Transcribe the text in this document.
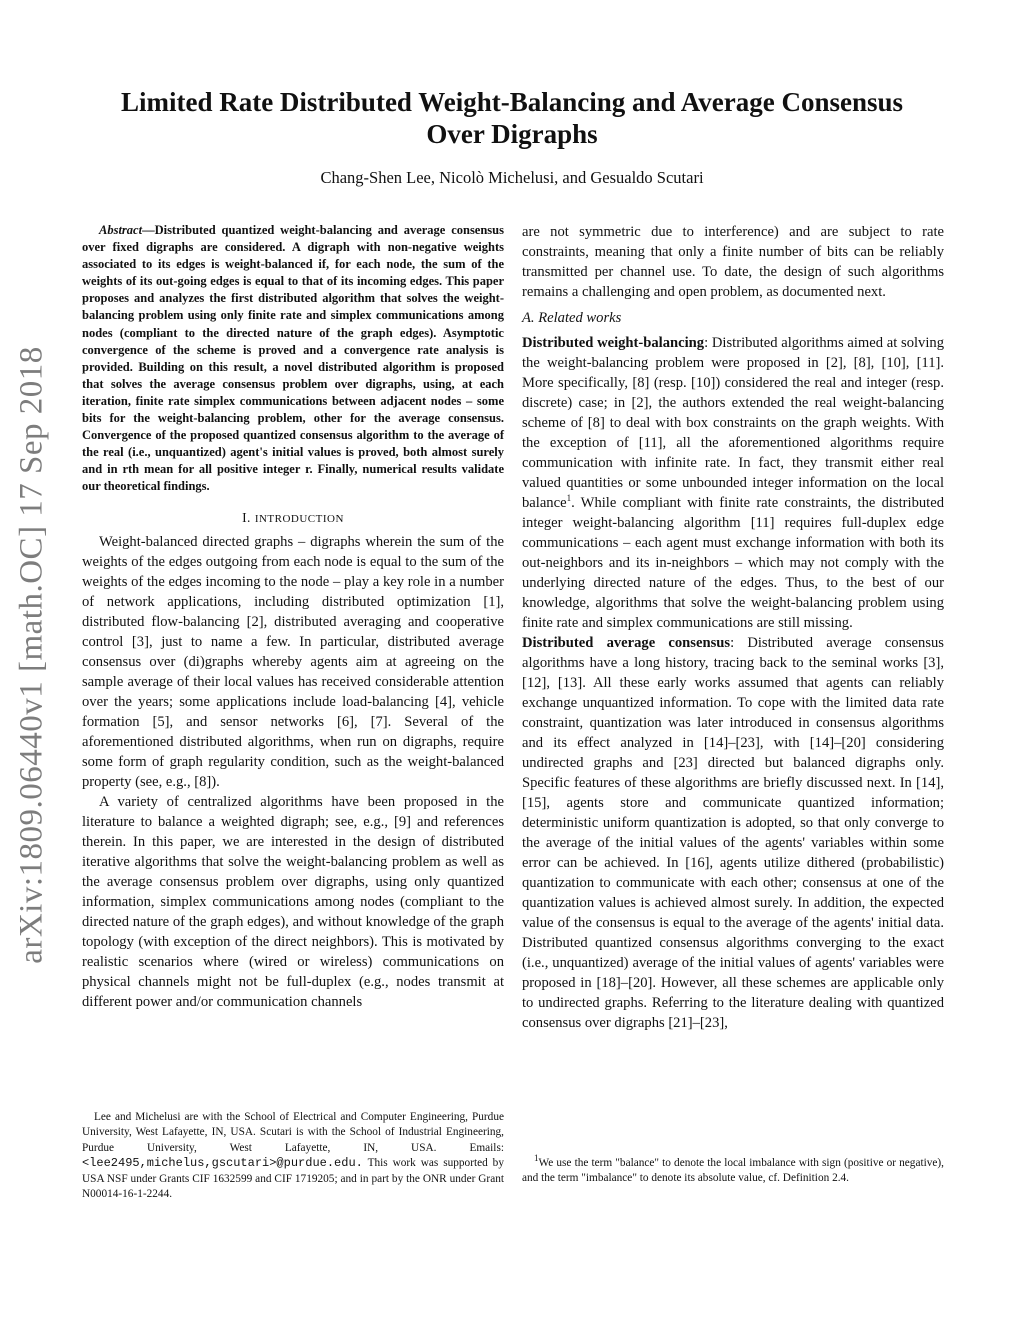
arXiv:1809.06440v1 [math.OC] 17 Sep 2018
Limited Rate Distributed Weight-Balancing and Average Consensus
Over Digraphs
Chang-Shen Lee, Nicolò Michelusi, and Gesualdo Scutari

Abstract—Distributed quantized weight-balancing and average consensus over fixed digraphs are considered. A digraph with non-negative weights associated to its edges is weight-balanced if, for each node, the sum of the weights of its out-going edges is equal to that of its incoming edges. This paper proposes and analyzes the first distributed algorithm that solves the weight-balancing problem using only finite rate and simplex communications among nodes (compliant to the directed nature of the graph edges). Asymptotic convergence of the scheme is proved and a convergence rate analysis is provided. Building on this result, a novel distributed algorithm is proposed that solves the average consensus problem over digraphs, using, at each iteration, finite rate simplex communications between adjacent nodes – some bits for the weight-balancing problem, other for the average consensus. Convergence of the proposed quantized consensus algorithm to the average of the real (i.e., unquantized) agent's initial values is proved, both almost surely and in rth mean for all positive integer r. Finally, numerical results validate our theoretical findings.

I. INTRODUCTION

Weight-balanced directed graphs – digraphs wherein the sum of the weights of the edges outgoing from each node is equal to the sum of the weights of the edges incoming to the node – play a key role in a number of network applications, including distributed optimization [1], distributed flow-balancing [2], distributed averaging and cooperative control [3], just to name a few. In particular, distributed average consensus over (di)graphs whereby agents aim at agreeing on the sample average of their local values has received considerable attention over the years; some applications include load-balancing [4], vehicle formation [5], and sensor networks [6], [7]. Several of the aforementioned distributed algorithms, when run on digraphs, require some form of graph regularity condition, such as the weight-balanced property (see, e.g., [8]).

A variety of centralized algorithms have been proposed in the literature to balance a weighted digraph; see, e.g., [9] and references therein. In this paper, we are interested in the design of distributed iterative algorithms that solve the weight-balancing problem as well as the average consensus problem over digraphs, using only quantized information, simplex communications among nodes (compliant to the directed nature of the graph edges), and without knowledge of the graph topology (with exception of the direct neighbors). This is motivated by realistic scenarios where (wired or wireless) communications on physical channels might not be full-duplex (e.g., nodes transmit at different power and/or communication channels

Lee and Michelusi are with the School of Electrical and Computer Engineering, Purdue University, West Lafayette, IN, USA. Scutari is with the School of Industrial Engineering, Purdue University, West Lafayette, IN, USA. Emails: <lee2495,michelus,gscutari>@purdue.edu. This work was supported by USA NSF under Grants CIF 1632599 and CIF 1719205; and in part by the ONR under Grant N00014-16-1-2244.

are not symmetric due to interference) and are subject to rate constraints, meaning that only a finite number of bits can be reliably transmitted per channel use. To date, the design of such algorithms remains a challenging and open problem, as documented next.

A. Related works

Distributed weight-balancing: Distributed algorithms aimed at solving the weight-balancing problem were proposed in [2], [8], [10], [11]. More specifically, [8] (resp. [10]) considered the real and integer (resp. discrete) case; in [2], the authors extended the real weight-balancing scheme of [8] to deal with box constraints on the graph weights. With the exception of [11], all the aforementioned algorithms require communication with infinite rate. In fact, they transmit either real valued quantities or some unbounded integer information on the local balance$^1$. While compliant with finite rate constraints, the distributed integer weight-balancing algorithm [11] requires full-duplex edge communications – each agent must exchange information with both its out-neighbors and its in-neighbors – which may not comply with the underlying directed nature of the edges. Thus, to the best of our knowledge, algorithms that solve the weight-balancing problem using finite rate and simplex communications are still missing.

Distributed average consensus: Distributed average consensus algorithms have a long history, tracing back to the seminal works [3], [12], [13]. All these early works assumed that agents can reliably exchange unquantized information. To cope with the limited data rate constraint, quantization was later introduced in consensus algorithms and its effect analyzed in [14]–[23], with [14]–[20] considering undirected graphs and [23] directed but balanced digraphs only. Specific features of these algorithms are briefly discussed next. In [14], [15], agents store and communicate quantized information; deterministic uniform quantization is adopted, so that only converge to the average of the initial values of the agents' variables within some error can be achieved. In [16], agents utilize dithered (probabilistic) quantization to communicate with each other; consensus at one of the quantization values is achieved almost surely. In addition, the expected value of the consensus is equal to the average of the agents' initial data. Distributed quantized consensus algorithms converging to the exact (i.e., unquantized) average of the initial values of agents' variables were proposed in [18]–[20]. However, all these schemes are applicable only to undirected graphs. Referring to the literature dealing with quantized consensus over digraphs [21]–[23],

$^1$We use the term "balance" to denote the local imbalance with sign (positive or negative), and the term "imbalance" to denote its absolute value, cf. Definition 2.4.
